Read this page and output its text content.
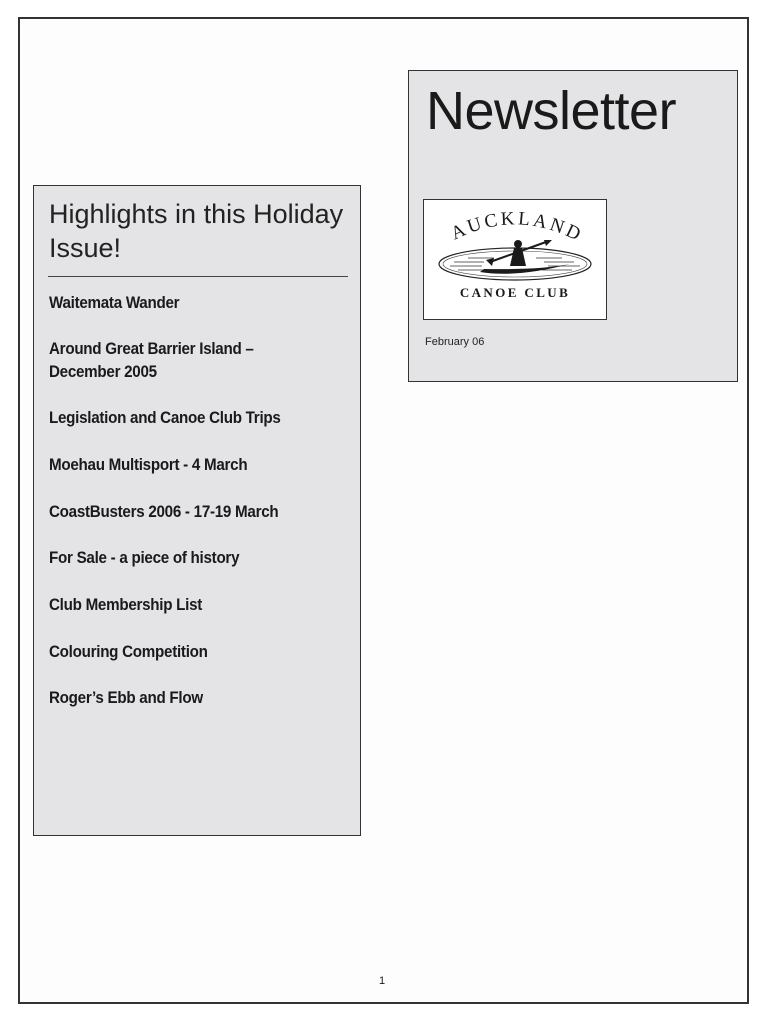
Highlights in this Holiday Issue!
Waitemata Wander
Around Great Barrier Island –
December 2005
Legislation and Canoe Club Trips
Moehau Multisport - 4 March
CoastBusters 2006 - 17-19 March
For Sale - a piece of history
Club Membership List
Colouring Competition
Roger’s Ebb and Flow
Newsletter
AUCKLAND
CANOE CLUB

February 06

1
